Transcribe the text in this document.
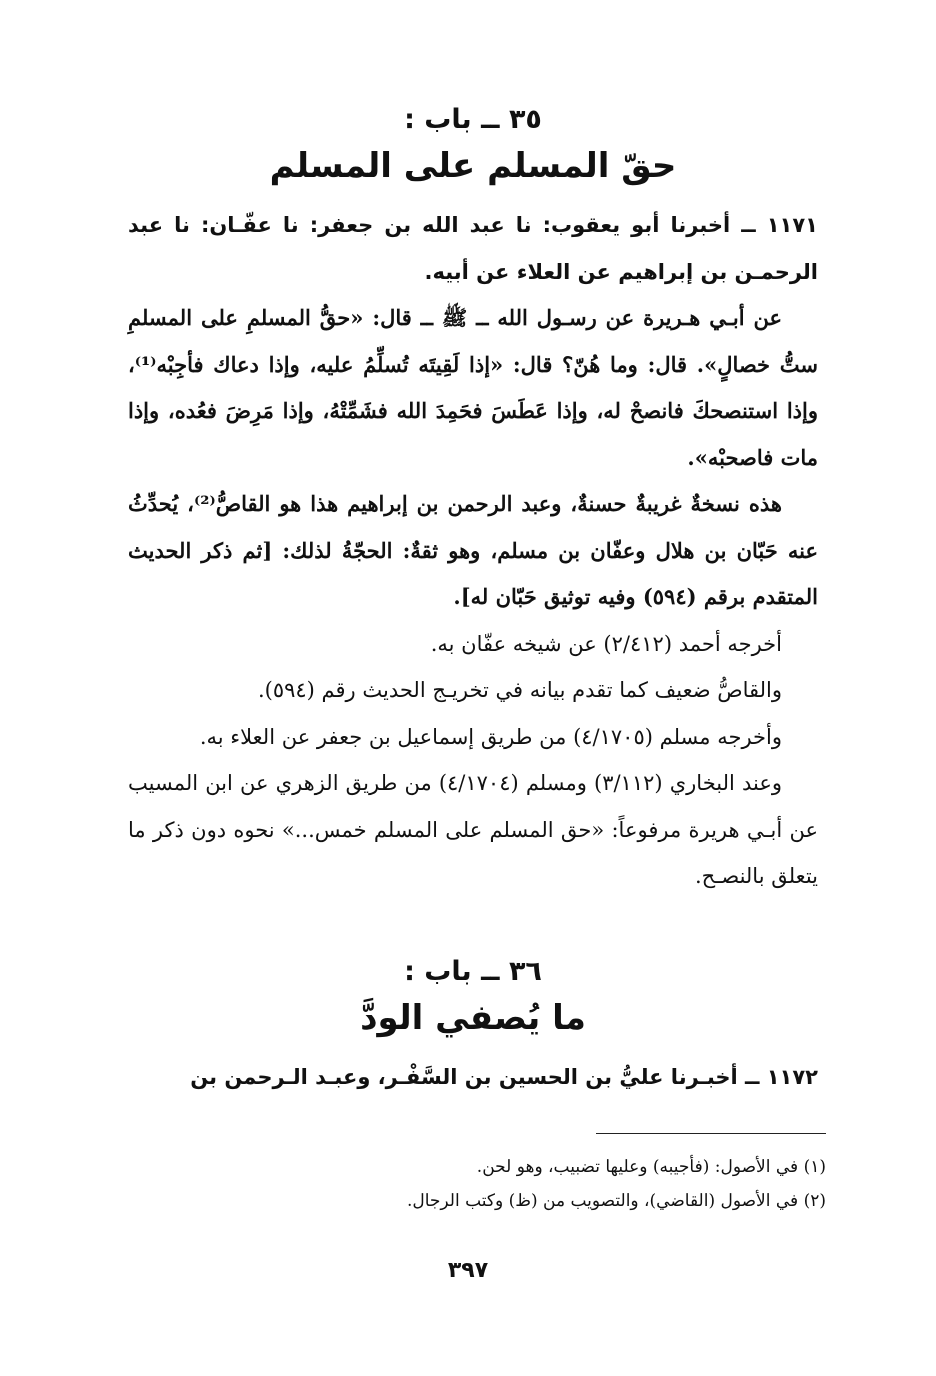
٣٥ ــ باب :

حقّ المسلم على المسلم

١١٧١ ــ أخبرنا أبو يعقوب: نا عبد الله بن جعفر: نا عفّـان: نا عبد الرحمـن بن إبراهيم عن العلاء عن أبيه.

عن أبـي هـريرة عن رسـول الله ــ ﷺ ــ قال: «حقُّ المسلمِ على المسلمِ ستُّ خصالٍ». قال: وما هُنّ؟ قال: «إذا لَقِيتَه تُسلِّمُ عليه، وإذا دعاك فأجِبْه⁽¹⁾، وإذا استنصحكَ فانصحْ له، وإذا عَطَسَ فحَمِدَ الله فشَمِّتْهُ، وإذا مَرِضَ فعُده، وإذا مات فاصحبْه».

هذه نسخةٌ غريبةٌ حسنةٌ، وعبد الرحمن بن إبراهيم هذا هو القاصُّ⁽²⁾، يُحدِّثُ عنه حَبّان بن هلال وعفّان بن مسلم، وهو ثقةٌ: الحجّةُ لذلك: [ثم ذكر الحديث المتقدم برقم (٥٩٤) وفيه توثيق حَبّان له].

أخرجه أحمد (٢/٤١٢) عن شيخه عفّان به.

والقاصُّ ضعيف كما تقدم بيانه في تخريـج الحديث رقم (٥٩٤).

وأخرجه مسلم (٤/١٧٠٥) من طريق إسماعيل بن جعفر عن العلاء به.

وعند البخاري (٣/١١٢) ومسلم (٤/١٧٠٤) من طريق الزهري عن ابن المسيب عن أبـي هريرة مرفوعاً: «حق المسلم على المسلم خمس...» نحوه دون ذكر ما يتعلق بالنصـح.

٣٦ ــ باب :

ما يُصفي الودَّ

١١٧٢ ــ أخبـرنا عليُّ بن الحسين بن السَّفْـر، وعبـد الـرحمن بن

(١) في الأصول: (فأجيبه) وعليها تضبيب، وهو لحن.

(٢) في الأصول (القاضي)، والتصويب من (ظ) وكتب الرجال.

٣٩٧
